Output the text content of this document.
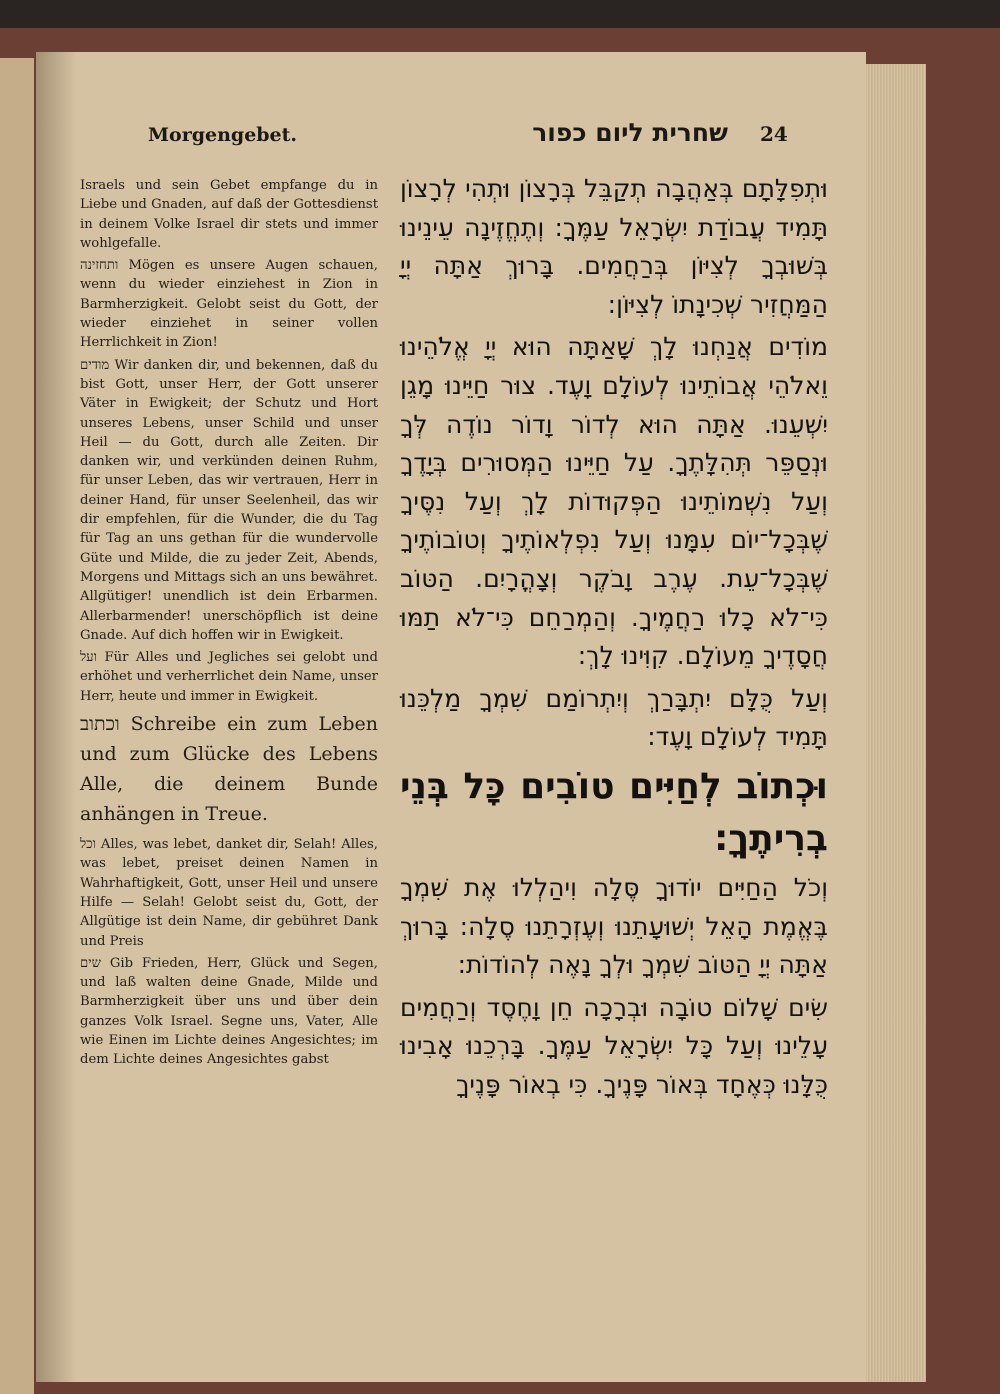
Morgengebet.	שחרית ליום כפור 24

Israels und sein Gebet empfange du in Liebe und Gnaden, auf daß der Gottesdienst in deinem Volke Israel dir stets und immer wohlgefalle.

ותחזינה Mögen es unsere Augen schauen, wenn du wieder einziehest in Zion in Barmherzigkeit. Gelobt seist du Gott, der wieder einziehet in seiner vollen Herrlichkeit in Zion!

מודים Wir danken dir, und bekennen, daß du bist Gott, unser Herr, der Gott unserer Väter in Ewigkeit; der Schutz und Hort unseres Lebens, unser Schild und unser Heil — du Gott, durch alle Zeiten. Dir danken wir, und verkünden deinen Ruhm, für unser Leben, das wir vertrauen, Herr in deiner Hand, für unser Seelenheil, das wir dir empfehlen, für die Wunder, die du Tag für Tag an uns gethan für die wundervolle Güte und Milde, die zu jeder Zeit, Abends, Morgens und Mittags sich an uns bewähret. Allgütiger! unendlich ist dein Erbarmen. Allerbarmender! unerschöpflich ist deine Gnade. Auf dich hoffen wir in Ewigkeit.

ועל Für Alles und Jegliches sei gelobt und erhöhet und verherrlichet dein Name, unser Herr, heute und immer in Ewigkeit.

וכתוב Schreibe ein zum Leben und zum Glücke des Lebens Alle, die deinem Bunde anhängen in Treue.

וכל Alles, was lebet, danket dir, Selah! Alles, was lebet, preiset deinen Namen in Wahrhaftigkeit, Gott, unser Heil und unsere Hilfe — Selah! Gelobt seist du, Gott, der Allgütige ist dein Name, dir gebühret Dank und Preis

שים Gib Frieden, Herr, Glück und Segen, und laß walten deine Gnade, Milde und Barmherzigkeit über uns und über dein ganzes Volk Israel. Segne uns, Vater, Alle wie Einen im Lichte deines Angesichtes; im dem Lichte deines Angesichtes gabst

וּתְפִלָּתָם בְּאַהֲבָה תְקַבֵּל בְּרָצוֹן וּתְהִי לְרָצוֹן תָּמִיד עֲבוֹדַת יִשְׂרָאֵל עַמֶּךָ: וְתֶחֱזֶינָה עֵינֵינוּ בְּשׁוּבְךָ לְצִיּוֹן בְּרַחֲמִים. בָּרוּךְ אַתָּה יְיָ הַמַּחֲזִיר שְׁכִינָתוֹ לְצִיּוֹן:

מוֹדִים אֲנַחְנוּ לָךְ שָׁאַתָּה הוּא יְיָ אֱלֹהֵינוּ וֵאלֹהֵי אֲבוֹתֵינוּ לְעוֹלָם וָעֶד. צוּר חַיֵּינוּ מָגֵן יִשְׁעֵנוּ. אַתָּה הוּא לְדוֹר וָדוֹר נוֹדֶה לְּךָ וּנְסַפֵּר תְּהִלָּתֶךָ. עַל חַיֵּינוּ הַמְּסוּרִים בְּיָדֶךָ וְעַל נִשְׁמוֹתֵינוּ הַפְּקוּדוֹת לָךְ וְעַל נִסֶּיךָ שֶׁבְּכָל־יוֹם עִמָּנוּ וְעַל נִפְלְאוֹתֶיךָ וְטוֹבוֹתֶיךָ שֶׁבְּכָל־עֵת. עֶרֶב וָבֹקֶר וְצָהֳרָיִם. הַטּוֹב כִּי־לֹא כָלוּ רַחֲמֶיךָ. וְהַמְרַחֵם כִּי־לֹא תַמּוּ חֲסָדֶיךָ מֵעוֹלָם. קִוִּינוּ לָךְ:

וְעַל כֻּלָּם יִתְבָּרַךְ וְיִתְרוֹמַם שִׁמְךָ מַלְכֵּנוּ תָּמִיד לְעוֹלָם וָעֶד:

וּכְתוֹב לְחַיִּים טוֹבִים כָּל בְּנֵי בְרִיתֶךָ:

וְכֹל הַחַיִּים יוֹדוּךָ סֶּלָה וִיהַלְלוּ אֶת שִׁמְךָ בֶּאֱמֶת הָאֵל יְשׁוּעָתֵנוּ וְעֶזְרָתֵנוּ סֶלָה: בָּרוּךְ אַתָּה יְיָ הַטּוֹב שִׁמְךָ וּלְךָ נָאֶה לְהוֹדוֹת:

שִׂים שָׁלוֹם טוֹבָה וּבְרָכָה חֵן וָחֶסֶד וְרַחֲמִים עָלֵינוּ וְעַל כָּל יִשְׂרָאֵל עַמֶּךָ. בָּרְכֵנוּ אָבִינוּ כֻּלָּנוּ כְּאֶחָד בְּאוֹר פָּנֶיךָ. כִּי בְאוֹר פָּנֶיךָ
